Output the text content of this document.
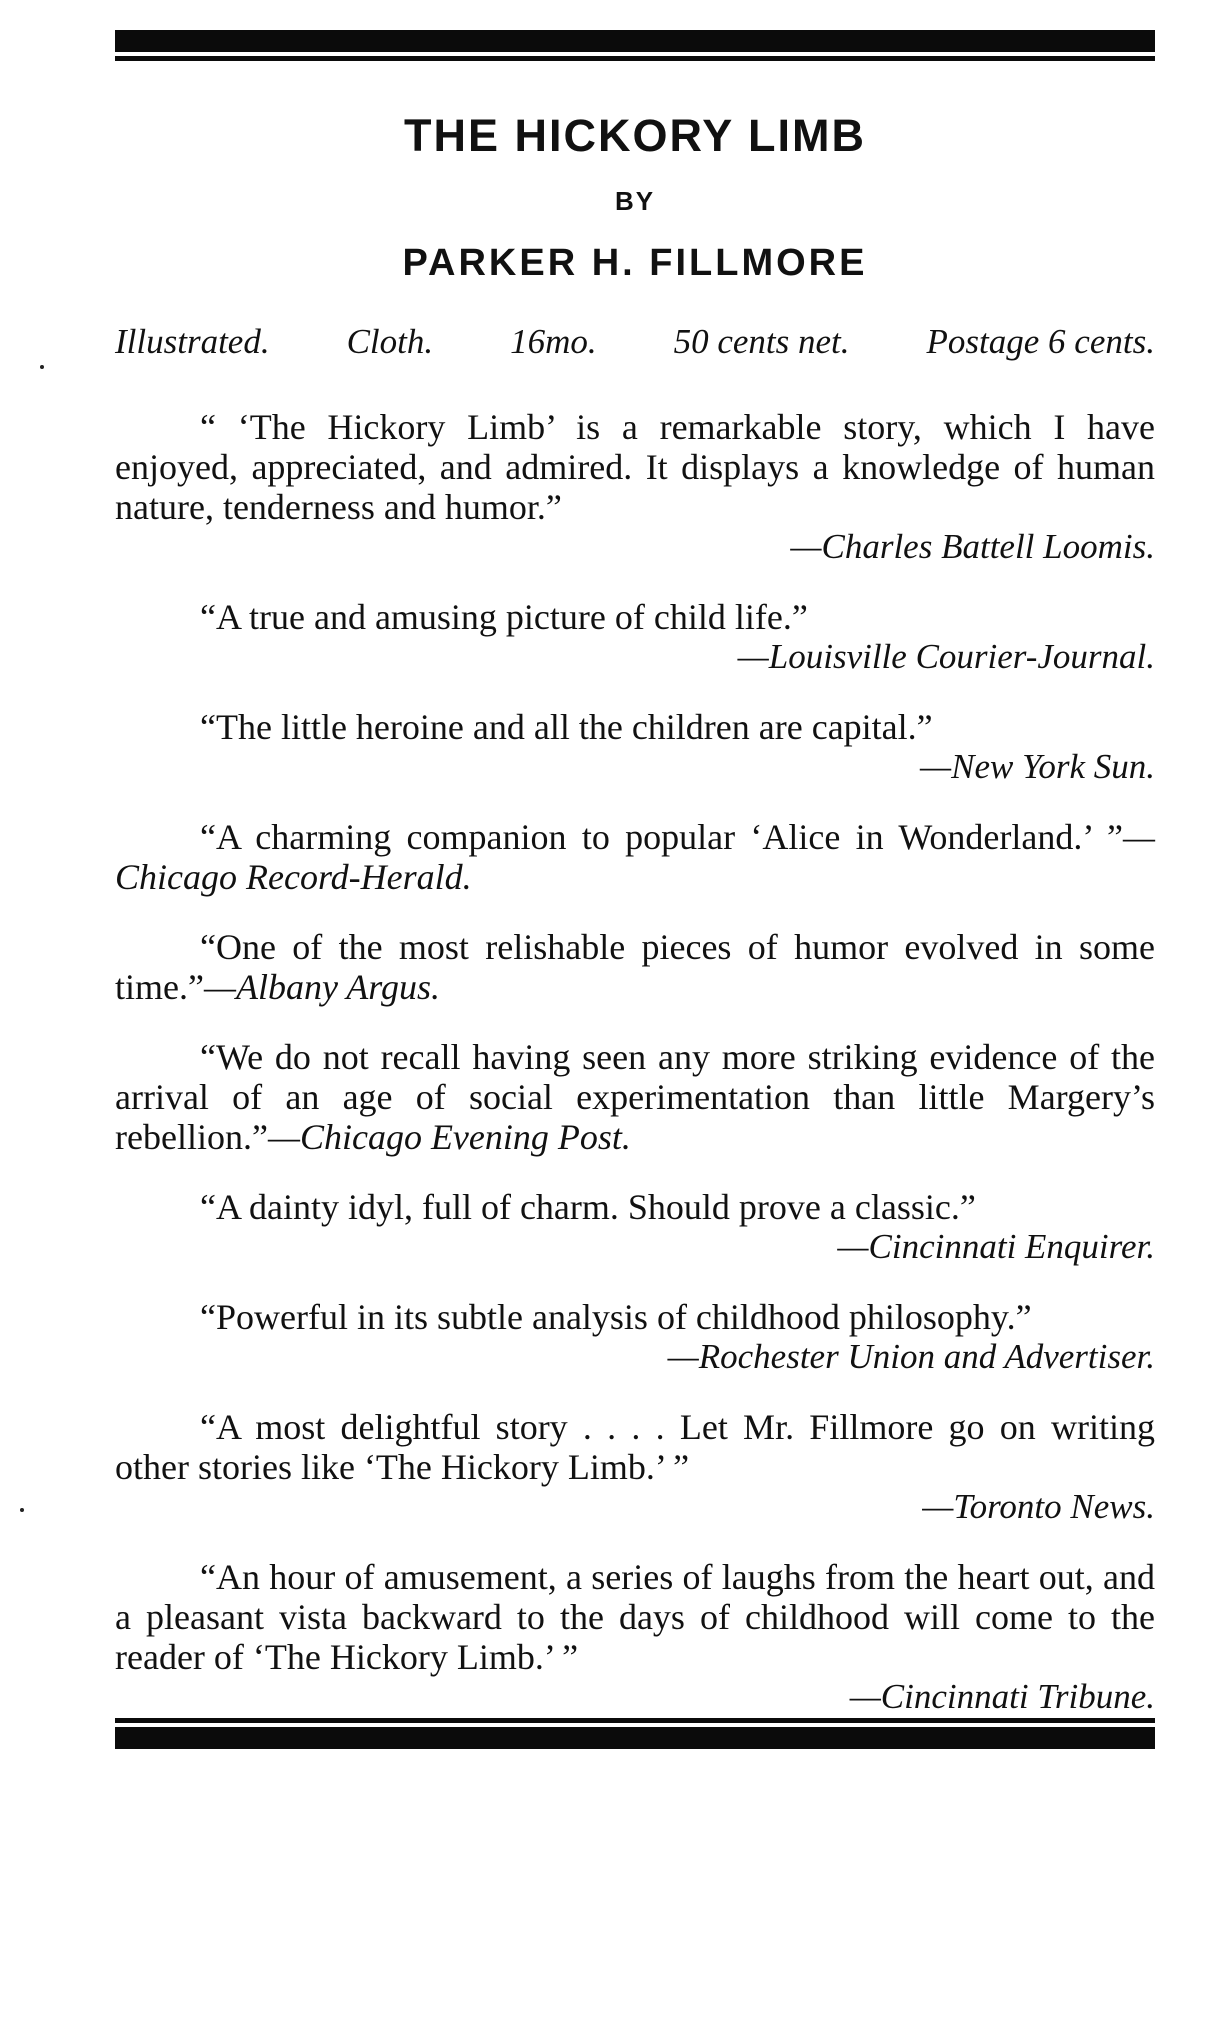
THE HICKORY LIMB
BY
PARKER H. FILLMORE
Illustrated. Cloth. 16mo. 50 cents net. Postage 6 cents.

“ ‘The Hickory Limb’ is a remarkable story, which I have enjoyed, appreciated, and admired. It displays a knowledge of human nature, tenderness and humor.”

—Charles Battell Loomis.

“A true and amusing picture of child life.”

—Louisville Courier-Journal.

“The little heroine and all the children are capital.”

—New York Sun.

“A charming companion to popular ‘Alice in Wonderland.’ ”—Chicago Record-Herald.

“One of the most relishable pieces of humor evolved in some time.”—Albany Argus.

“We do not recall having seen any more striking evidence of the arrival of an age of social experimentation than little Margery’s rebellion.”—Chicago Evening Post.

“A dainty idyl, full of charm. Should prove a classic.”

—Cincinnati Enquirer.

“Powerful in its subtle analysis of childhood philosophy.”

—Rochester Union and Advertiser.

“A most delightful story . . . . Let Mr. Fillmore go on writing other stories like ‘The Hickory Limb.’ ”

—Toronto News.

“An hour of amusement, a series of laughs from the heart out, and a pleasant vista backward to the days of childhood will come to the reader of ‘The Hickory Limb.’ ”

—Cincinnati Tribune.
